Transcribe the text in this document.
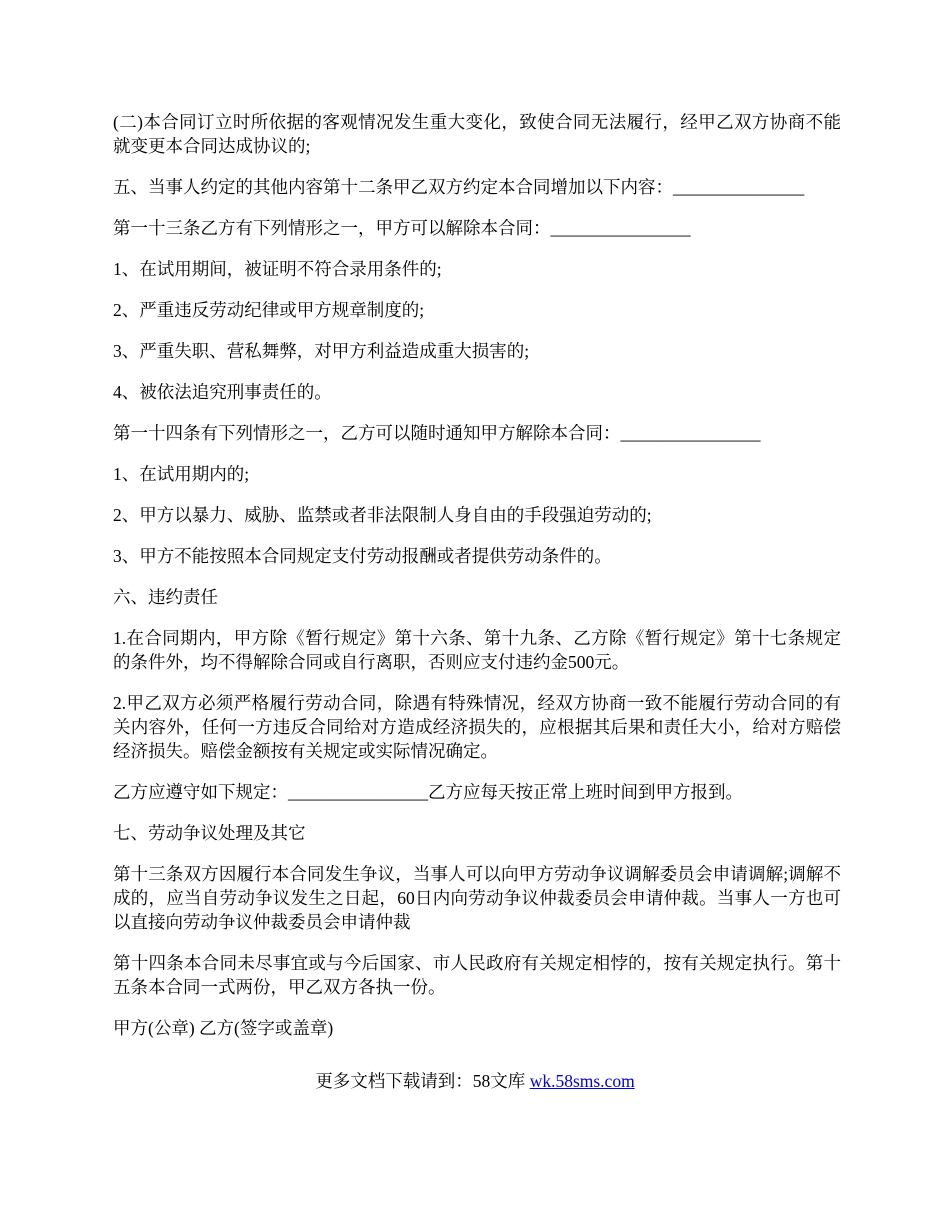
(二)本合同订立时所依据的客观情况发生重大变化，致使合同无法履行，经甲乙双方协商不能就变更本合同达成协议的;

五、当事人约定的其他内容第十二条甲乙双方约定本合同增加以下内容：_______________

第一十三条乙方有下列情形之一，甲方可以解除本合同：________________

1、在试用期间，被证明不符合录用条件的;

2、严重违反劳动纪律或甲方规章制度的;

3、严重失职、营私舞弊，对甲方利益造成重大损害的;

4、被依法追究刑事责任的。

第一十四条有下列情形之一，乙方可以随时通知甲方解除本合同：________________

1、在试用期内的;

2、甲方以暴力、威胁、监禁或者非法限制人身自由的手段强迫劳动的;

3、甲方不能按照本合同规定支付劳动报酬或者提供劳动条件的。

六、违约责任

1.在合同期内，甲方除《暂行规定》第十六条、第十九条、乙方除《暂行规定》第十七条规定的条件外，均不得解除合同或自行离职，否则应支付违约金500元。

2.甲乙双方必须严格履行劳动合同，除遇有特殊情况，经双方协商一致不能履行劳动合同的有关内容外，任何一方违反合同给对方造成经济损失的，应根据其后果和责任大小，给对方赔偿经济损失。赔偿金额按有关规定或实际情况确定。

乙方应遵守如下规定：________________乙方应每天按正常上班时间到甲方报到。

七、劳动争议处理及其它

第十三条双方因履行本合同发生争议，当事人可以向甲方劳动争议调解委员会申请调解;调解不成的，应当自劳动争议发生之日起，60日内向劳动争议仲裁委员会申请仲裁。当事人一方也可以直接向劳动争议仲裁委员会申请仲裁

第十四条本合同未尽事宜或与今后国家、市人民政府有关规定相悖的，按有关规定执行。第十五条本合同一式两份，甲乙双方各执一份。

甲方(公章) 乙方(签字或盖章)

更多文档下载请到：58文库 wk.58sms.com
